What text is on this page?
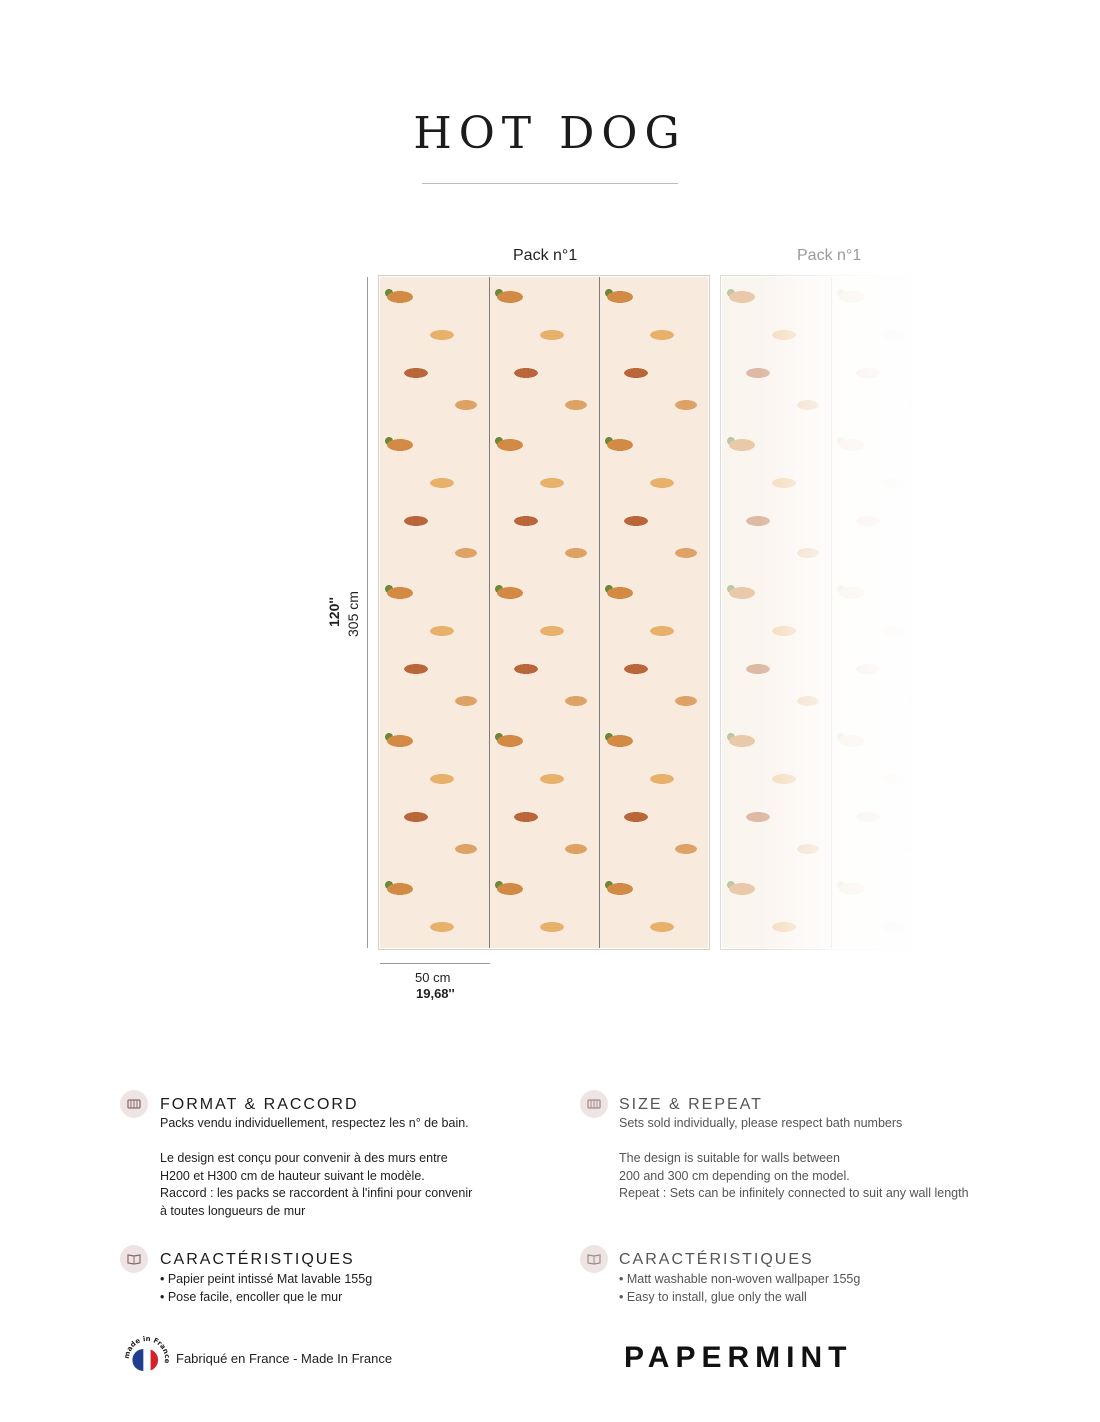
HOT DOG
Pack n°1	Pack n°1
120'' 305 cm
50 cm
19,68''
FORMAT & RACCORD

Packs vendu individuellement, respectez les n° de bain.

Le design est conçu pour convenir à des murs entre

H200 et H300 cm de hauteur suivant le modèle.

Raccord : les packs se raccordent à l'infini pour convenir

à toutes longueurs de mur

SIZE & REPEAT

Sets sold individually, please respect bath numbers

The design is suitable for walls between

200 and 300 cm depending on the model.

Repeat : Sets can be infinitely connected to suit any wall length

CARACTÉRISTIQUES

• Papier peint intissé Mat lavable 155g

• Pose facile, encoller que le mur

CARACTÉRISTIQUES

• Matt washable non-woven wallpaper 155g

• Easy to install, glue only the wall

ade in Fran Fabriqué en France - Made In France	PAPERMINT
